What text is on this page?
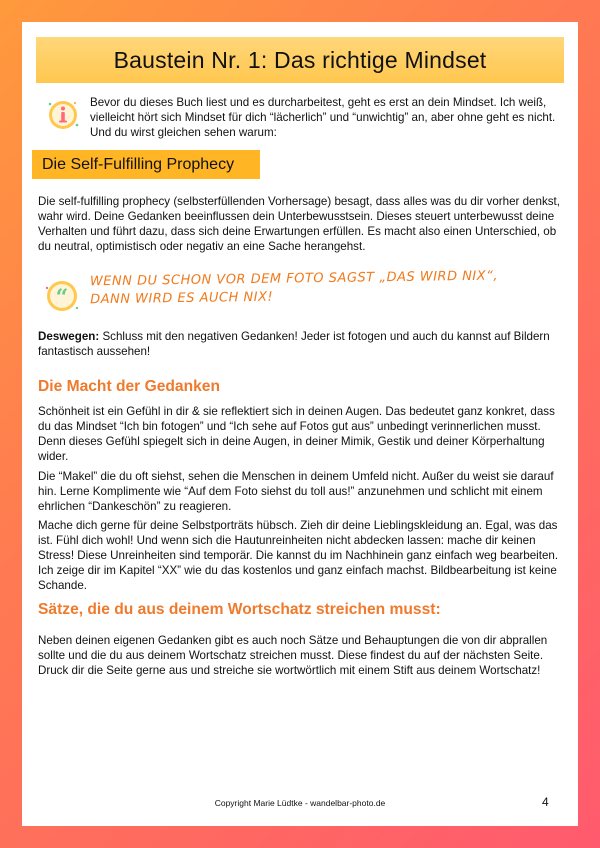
Baustein Nr. 1: Das richtige Mindset

Bevor du dieses Buch liest und es durcharbeitest, geht es erst an dein Mindset. Ich weiß, vielleicht hört sich Mindset für dich “lächerlich” und “unwichtig” an, aber ohne geht es nicht. Und du wirst gleichen sehen warum:

Die Self-Fulfilling Prophecy

Die self-fulfilling prophecy (selbsterfüllenden Vorhersage) besagt, dass alles was du dir vorher denkst, wahr wird. Deine Gedanken beeinflussen dein Unterbewusstsein. Dieses steuert unterbewusst deine Verhalten und führt dazu, dass sich deine Erwartungen erfüllen. Es macht also einen Unterschied, ob du neutral, optimistisch oder negativ an eine Sache herangehst.

“

WENN DU SCHON VOR DEM FOTO SAGST „DAS WIRD NIX“,
DANN WIRD ES AUCH NIX!

Deswegen: Schluss mit den negativen Gedanken! Jeder ist fotogen und auch du kannst auf Bildern fantastisch aussehen!

Die Macht der Gedanken

Schönheit ist ein Gefühl in dir & sie reflektiert sich in deinen Augen. Das bedeutet ganz konkret, dass du das Mindset “Ich bin fotogen” und “Ich sehe auf Fotos gut aus” unbedingt verinnerlichen musst. Denn dieses Gefühl spiegelt sich in deine Augen, in deiner Mimik, Gestik und deiner Körperhaltung wider.

Die “Makel” die du oft siehst, sehen die Menschen in deinem Umfeld nicht. Außer du weist sie darauf hin. Lerne Komplimente wie “Auf dem Foto siehst du toll aus!” anzunehmen und schlicht mit einem ehrlichen “Dankeschön” zu reagieren.

Mache dich gerne für deine Selbstporträts hübsch. Zieh dir deine Lieblingskleidung an. Egal, was das ist. Fühl dich wohl! Und wenn sich die Hautunreinheiten nicht abdecken lassen: mache dir keinen Stress! Diese Unreinheiten sind temporär. Die kannst du im Nachhinein ganz einfach weg bearbeiten. Ich zeige dir im Kapitel “XX” wie du das kostenlos und ganz einfach machst. Bildbearbeitung ist keine Schande.

Sätze, die du aus deinem Wortschatz streichen musst:

Neben deinen eigenen Gedanken gibt es auch noch Sätze und Behauptungen die von dir abprallen sollte und die du aus deinem Wortschatz streichen musst. Diese findest du auf der nächsten Seite. Druck dir die Seite gerne aus und streiche sie wortwörtlich mit einem Stift aus deinem Wortschatz!

Copyright Marie Lüdtke - wandelbar-photo.de	4
